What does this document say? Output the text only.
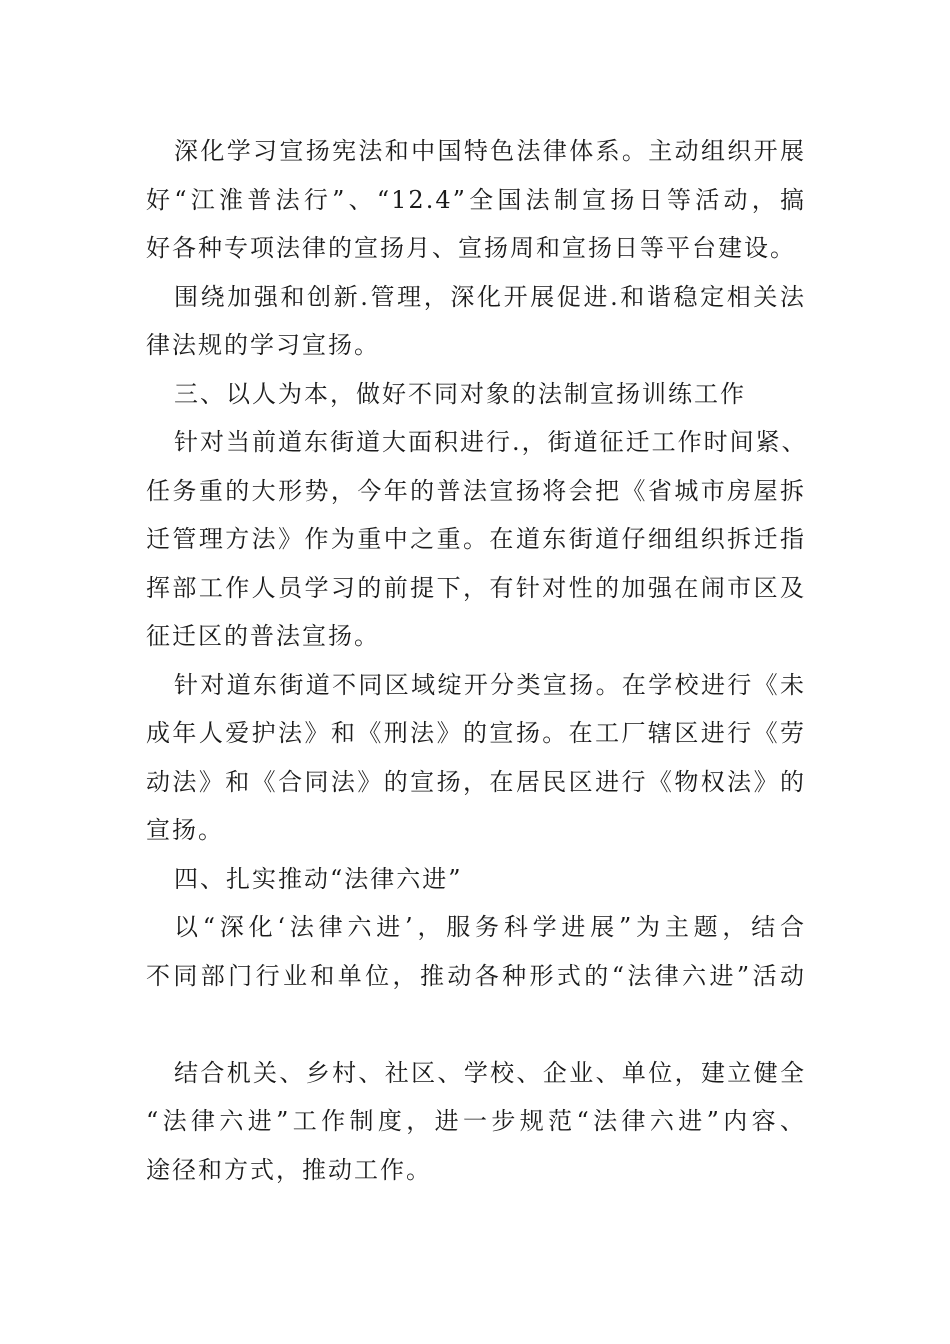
深化学习宣扬宪法和中国特色法律体系。主动组织开展
好“江淮普法行”、“12.4”全国法制宣扬日等活动，搞
好各种专项法律的宣扬月、宣扬周和宣扬日等平台建设。
围绕加强和创新.管理，深化开展促进.和谐稳定相关法
律法规的学习宣扬。
三、以人为本，做好不同对象的法制宣扬训练工作
针对当前道东街道大面积进行.，街道征迁工作时间紧、
任务重的大形势，今年的普法宣扬将会把《省城市房屋拆
迁管理方法》作为重中之重。在道东街道仔细组织拆迁指
挥部工作人员学习的前提下，有针对性的加强在闹市区及
征迁区的普法宣扬。
针对道东街道不同区域绽开分类宣扬。在学校进行《未
成年人爱护法》和《刑法》的宣扬。在工厂辖区进行《劳
动法》和《合同法》的宣扬，在居民区进行《物权法》的
宣扬。
四、扎实推动“法律六进”
以“深化‘法律六进’，服务科学进展”为主题，结合
不同部门行业和单位，推动各种形式的“法律六进”活动
结合机关、乡村、社区、学校、企业、单位，建立健全
“法律六进”工作制度，进一步规范“法律六进”内容、
途径和方式，推动工作。
